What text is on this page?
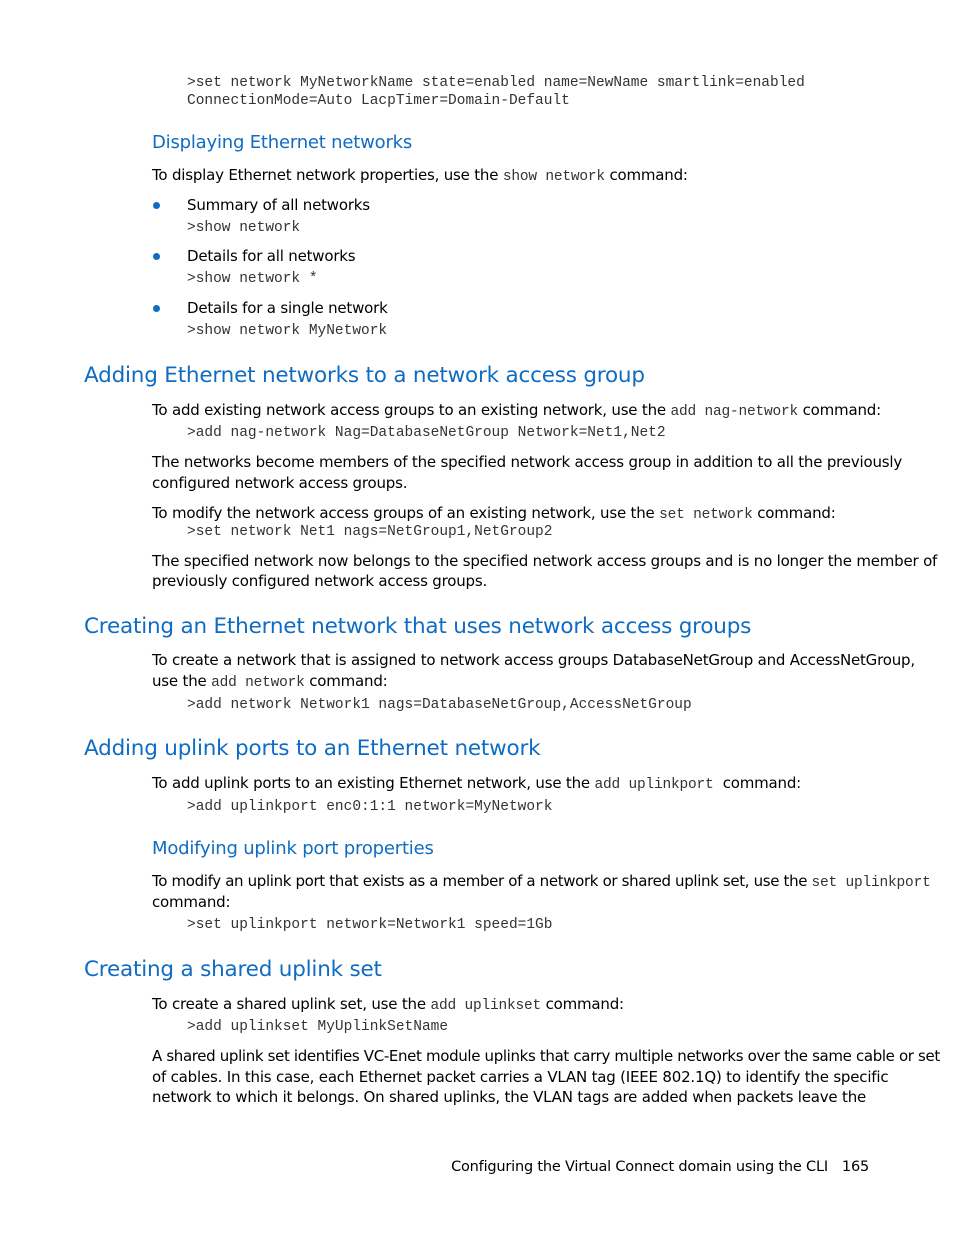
>set network MyNetworkName state=enabled name=NewName smartlink=enabled
ConnectionMode=Auto LacpTimer=Domain-Default
Displaying Ethernet networks
To display Ethernet network properties, use the show network command:
Summary of all networks
>show network
Details for all networks
>show network *
Details for a single network
>show network MyNetwork
Adding Ethernet networks to a network access group
To add existing network access groups to an existing network, use the add nag-network command:
>add nag-network Nag=DatabaseNetGroup Network=Net1,Net2
The networks become members of the specified network access group in addition to all the previously
configured network access groups.
To modify the network access groups of an existing network, use the set network command:
>set network Net1 nags=NetGroup1,NetGroup2
The specified network now belongs to the specified network access groups and is no longer the member of
previously configured network access groups.
Creating an Ethernet network that uses network access groups
To create a network that is assigned to network access groups DatabaseNetGroup and AccessNetGroup,
use the add network command:
>add network Network1 nags=DatabaseNetGroup,AccessNetGroup
Adding uplink ports to an Ethernet network
To add uplink ports to an existing Ethernet network, use the add uplinkport  command:
>add uplinkport enc0:1:1 network=MyNetwork
Modifying uplink port properties
To modify an uplink port that exists as a member of a network or shared uplink set, use the set uplinkport
command:
>set uplinkport network=Network1 speed=1Gb
Creating a shared uplink set
To create a shared uplink set, use the add uplinkset command:
>add uplinkset MyUplinkSetName
A shared uplink set identifies VC-Enet module uplinks that carry multiple networks over the same cable or set
of cables. In this case, each Ethernet packet carries a VLAN tag (IEEE 802.1Q) to identify the specific
network to which it belongs. On shared uplinks, the VLAN tags are added when packets leave the
Configuring the Virtual Connect domain using the CLI 165
